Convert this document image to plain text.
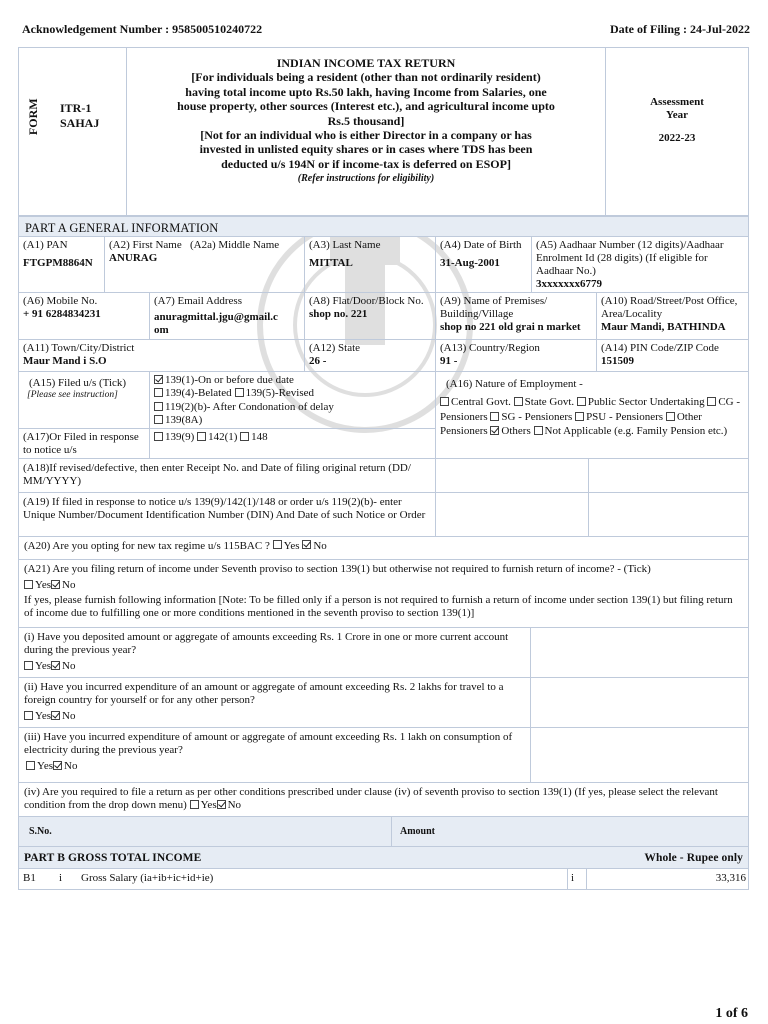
Acknowledgement Number : 958500510240722	Date of Filing : 24-Jul-2022
FORM ITR-1
SAHAJ
INDIAN INCOME TAX RETURN
[For individuals being a resident (other than not ordinarily resident) having total income upto Rs.50 lakh, having Income from Salaries, one house property, other sources (Interest etc.), and agricultural income upto Rs.5 thousand]
[Not for an individual who is either Director in a company or has invested in unlisted equity shares or in cases where TDS has been deducted u/s 194N or if income-tax is deferred on ESOP]
(Refer instructions for eligibility)
Assessment Year
2022-23
PART A GENERAL INFORMATION
(A1) PAN
FTGPM8864N
(A2) First Name (A2a) Middle Name
ANURAG
(A3) Last Name
MITTAL
(A4) Date of Birth
31-Aug-2001
(A5) Aadhaar Number (12 digits)/Aadhaar Enrolment Id (28 digits) (If eligible for Aadhaar No.)
3xxxxxxx6779
(A6) Mobile No.
+ 91 6284834231
(A7) Email Address
anuragmittal.jgu@gmail.com
(A8) Flat/Door/Block No.
shop no. 221
(A9) Name of Premises/ Building/Village
shop no 221 old grai n market
(A10) Road/Street/Post Office, Area/Locality
Maur Mandi, BATHINDA
(A11) Town/City/District
Maur Mand i S.O
(A12) State
26 -
(A13) Country/Region
91 -
(A14) PIN Code/ZIP Code
151509
(A15) Filed u/s (Tick)
[Please see instruction]
139(1)-On or before due date
139(4)-Belated 139(5)-Revised
119(2)(b)- After Condonation of delay
139(8A)
(A17)Or Filed in response to notice u/s
139(9) 142(1) 148
(A16) Nature of Employment -
Central Govt. State Govt. Public Sector Undertaking CG - Pensioners SG - Pensioners PSU - Pensioners Other Pensioners Others Not Applicable (e.g. Family Pension etc.)
(A18)If revised/defective, then enter Receipt No. and Date of filing original return (DD/ MM/YYYY)
(A19) If filed in response to notice u/s 139(9)/142(1)/148 or order u/s 119(2)(b)- enter Unique Number/Document Identification Number (DIN) And Date of such Notice or Order
(A20) Are you opting for new tax regime u/s 115BAC ?
Yes
No
(A21) Are you filing return of income under Seventh proviso to section 139(1) but otherwise not required to furnish return of income? - (Tick)
Yes No
If yes, please furnish following information [Note: To be filled only if a person is not required to furnish a return of income under section 139(1) but filing return of income due to fulfilling one or more conditions mentioned in the seventh proviso to section 139(1)]
(i) Have you deposited amount or aggregate of amounts exceeding Rs. 1 Crore in one or more current account during the previous year?
Yes No
(ii) Have you incurred expenditure of an amount or aggregate of amount exceeding Rs. 2 lakhs for travel to a foreign country for yourself or for any other person?
Yes No
(iii) Have you incurred expenditure of amount or aggregate of amount exceeding Rs. 1 lakh on consumption of electricity during the previous year?
Yes No
(iv) Are you required to file a return as per other conditions prescribed under clause (iv) of seventh proviso to section 139(1) (If yes, please select the relevant condition from the drop down menu) Yes No
S.No.	Amount
PART B GROSS TOTAL INCOME	Whole - Rupee only
B1	i	Gross Salary (ia+ib+ic+id+ie)	i	33,316
1 of 6
